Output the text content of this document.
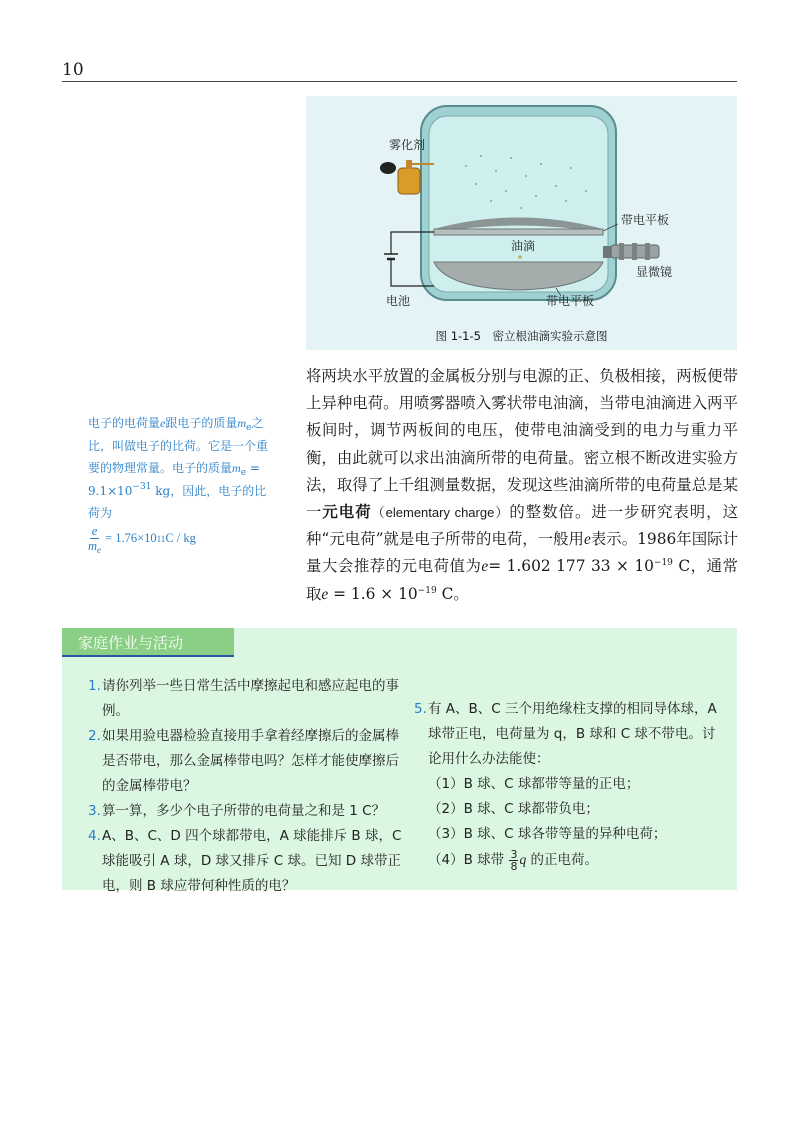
10
雾化剂
带电平板
油滴
显微镜
电池	带电平板
图 1-1-5　密立根油滴实验示意图
将两块水平放置的金属板分别与电源的正、负极相接，两板便带上异种电荷。用喷雾器喷入雾状带电油滴，当带电油滴进入两平板间时，调节两板间的电压，使带电油滴受到的电力与重力平衡，由此就可以求出油滴所带的电荷量。密立根不断改进实验方法，取得了上千组测量数据，发现这些油滴所带的电荷量总是某一元电荷（elementary charge）的整数倍。进一步研究表明，这种“元电荷”就是电子所带的电荷，一般用e表示。1986年国际计量大会推荐的元电荷值为e= 1.602 177 $33 \times 10^{-19}$ C，通常取$e = 1.6 \times 10^{-19}$ C。
电子的电荷量e跟电子的质量$m_e$之比，叫做电子的比荷。它是一个重要的物理常量。电子的质量$m_e = 9.1\times 10^{-31}$ kg，因此，电子的比荷为
$\frac{e}{m_e} = 1.76\times 10$ 11 C / kg
家庭作业与活动
1. 请你列举一些日常生活中摩擦起电和感应起电的事例。
2. 如果用验电器检验直接用手拿着经摩擦后的金属棒是否带电，那么金属棒带电吗？怎样才能使摩擦后的金属棒带电？
3. 算一算，多少个电子所带的电荷量之和是 1 C？
4. A、B、C、D 四个球都带电，A 球能排斥 B 球，C 球能吸引 A 球，D 球又排斥 C 球。已知 D 球带正电，则 B 球应带何种性质的电？
5. 有 A、B、C 三个用绝缘柱支撑的相同导体球，A 球带正电，电荷量为 q，B 球和 C 球不带电。讨论用什么办法能使：
（1）B 球、C 球都带等量的正电；
（2）B 球、C 球都带负电；
（3）B 球、C 球各带等量的异种电荷；
（4）B 球带 $\frac{3}{8}$ q 的正电荷。
